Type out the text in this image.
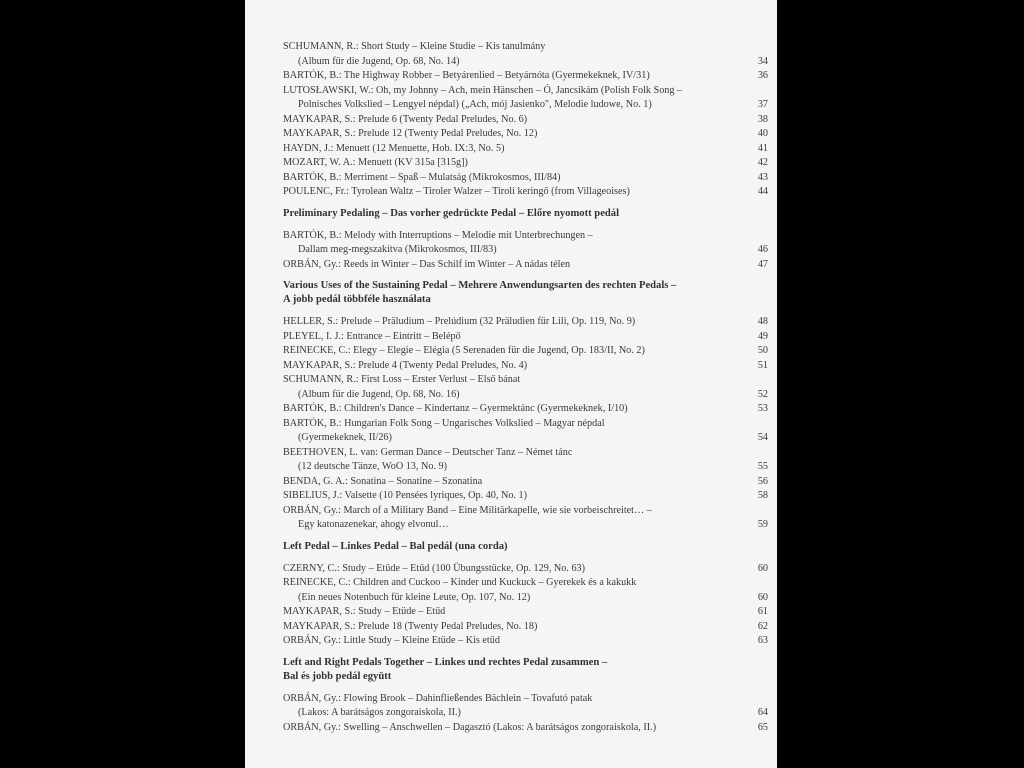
SCHUMANN, R.: Short Study – Kleine Studie – Kis tanulmány
(Album für die Jugend, Op. 68, No. 14)	34
BARTÓK, B.: The Highway Robber – Betyárenlied – Betyárnóta (Gyermekeknek, IV/31)	36
LUTOSŁAWSKI, W.: Oh, my Johnny – Ach, mein Hänschen – Ó, Jancsikám (Polish Folk Song –
Polnisches Volkslied – Lengyel népdal) („Ach, mój Jasienko", Melodie ludowe, No. 1)	37
MAYKAPAR, S.: Prelude 6 (Twenty Pedal Preludes, No. 6)	38
MAYKAPAR, S.: Prelude 12 (Twenty Pedal Preludes, No. 12)	40
HAYDN, J.: Menuett (12 Menuette, Hob. IX:3, No. 5)	41
MOZART, W. A.: Menuett (KV 315a [315g])	42
BARTÓK, B.: Merriment – Spaß – Mulatság (Mikrokosmos, III/84)	43
POULENC, Fr.: Tyrolean Waltz – Tiroler Walzer – Tiroli keringő (from Villageoises)	44
Preliminary Pedaling – Das vorher gedrückte Pedal – Előre nyomott pedál
BARTÓK, B.: Melody with Interruptions – Melodie mit Unterbrechungen –
Dallam meg-megszakítva (Mikrokosmos, III/83)	46
ORBÁN, Gy.: Reeds in Winter – Das Schilf im Winter – A nádas télen	47
Various Uses of the Sustaining Pedal – Mehrere Anwendungsarten des rechten Pedals –
A jobb pedál többféle használata
HELLER, S.: Prelude – Präludium – Prelúdium (32 Präludien für Lili, Op. 119, No. 9)	48
PLEYEL, I. J.: Entrance – Eintritt – Belépő	49
REINECKE, C.: Elegy – Elegie – Elégia (5 Serenaden für die Jugend, Op. 183/II, No. 2)	50
MAYKAPAR, S.: Prelude 4 (Twenty Pedal Preludes, No. 4)	51
SCHUMANN, R.: First Loss – Erster Verlust – Első bánat
(Album für die Jugend, Op. 68, No. 16)	52
BARTÓK, B.: Children's Dance – Kindertanz – Gyermektánc (Gyermekeknek, I/10)	53
BARTÓK, B.: Hungarian Folk Song – Ungarisches Volkslied – Magyar népdal
(Gyermekeknek, II/26)	54
BEETHOVEN, L. van: German Dance – Deutscher Tanz – Német tánc
(12 deutsche Tänze, WoO 13, No. 9)	55
BENDA, G. A.: Sonatina – Sonatine – Szonatina	56
SIBELIUS, J.: Valsette (10 Pensées lyriques, Op. 40, No. 1)	58
ORBÁN, Gy.: March of a Military Band – Eine Militärkapelle, wie sie vorbeischreitet… –
Egy katonazenekar, ahogy elvonul…	59
Left Pedal – Linkes Pedal – Bal pedál (una corda)
CZERNY, C.: Study – Etüde – Etűd (100 Übungsstücke, Op. 129, No. 63)	60
REINECKE, C.: Children and Cuckoo – Kinder und Kuckuck – Gyerekek és a kakukk
(Ein neues Notenbuch für kleine Leute, Op. 107, No. 12)	60
MAYKAPAR, S.: Study – Etüde – Etűd	61
MAYKAPAR, S.: Prelude 18 (Twenty Pedal Preludes, No. 18)	62
ORBÁN, Gy.: Little Study – Kleine Etüde – Kis etűd	63
Left and Right Pedals Together – Linkes und rechtes Pedal zusammen –
Bal és jobb pedál együtt
ORBÁN, Gy.: Flowing Brook – Dahinfließendes Bächlein – Tovafutó patak
(Lakos: A barátságos zongoraiskola, II.)	64
ORBÁN, Gy.: Swelling – Anschwellen – Dagasztó (Lakos: A barátságos zongoraiskola, II.)	65
